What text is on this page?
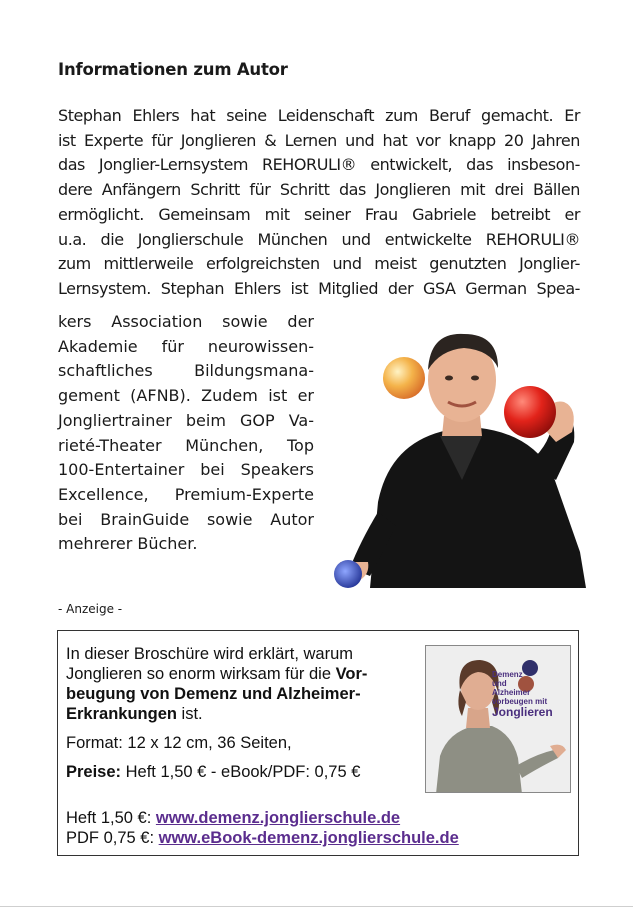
Informationen zum Autor
Stephan Ehlers hat seine Leidenschaft zum Beruf gemacht. Er
ist Experte für Jonglieren & Lernen und hat vor knapp 20 Jahren
das Jonglier-Lernsystem REHORULI® entwickelt, das insbeson-
dere Anfängern Schritt für Schritt das Jonglieren mit drei Bällen
ermöglicht. Gemeinsam mit seiner Frau Gabriele betreibt er
u.a. die Jonglierschule München und entwickelte REHORULI®
zum mittlerweile erfolgreichsten und meist genutzten Jonglier-
Lernsystem. Stephan Ehlers ist Mitglied der GSA German Spea-
kers Association sowie der
Akademie für neurowissen-
schaftliches Bildungsmana-
gement (AFNB). Zudem ist er
Jongliertrainer beim GOP Va-
rieté-Theater München, Top
100-Entertainer bei Speakers
Excellence, Premium-Experte
bei BrainGuide sowie Autor
mehrerer Bücher.

- Anzeige -

In dieser Broschüre wird erklärt, warum
Jonglieren so enorm wirksam für die Vor-
beugung von Demenz und Alzheimer-
Erkrankungen ist.
Format: 12 x 12 cm, 36 Seiten,
Preise: Heft 1,50 € - eBook/PDF: 0,75 €
Heft 1,50 €: www.demenz.jonglierschule.de
PDF 0,75 €: www.eBook-demenz.jonglierschule.de
Demenz
und
Alzheimer
vorbeugen mit
Jonglieren
